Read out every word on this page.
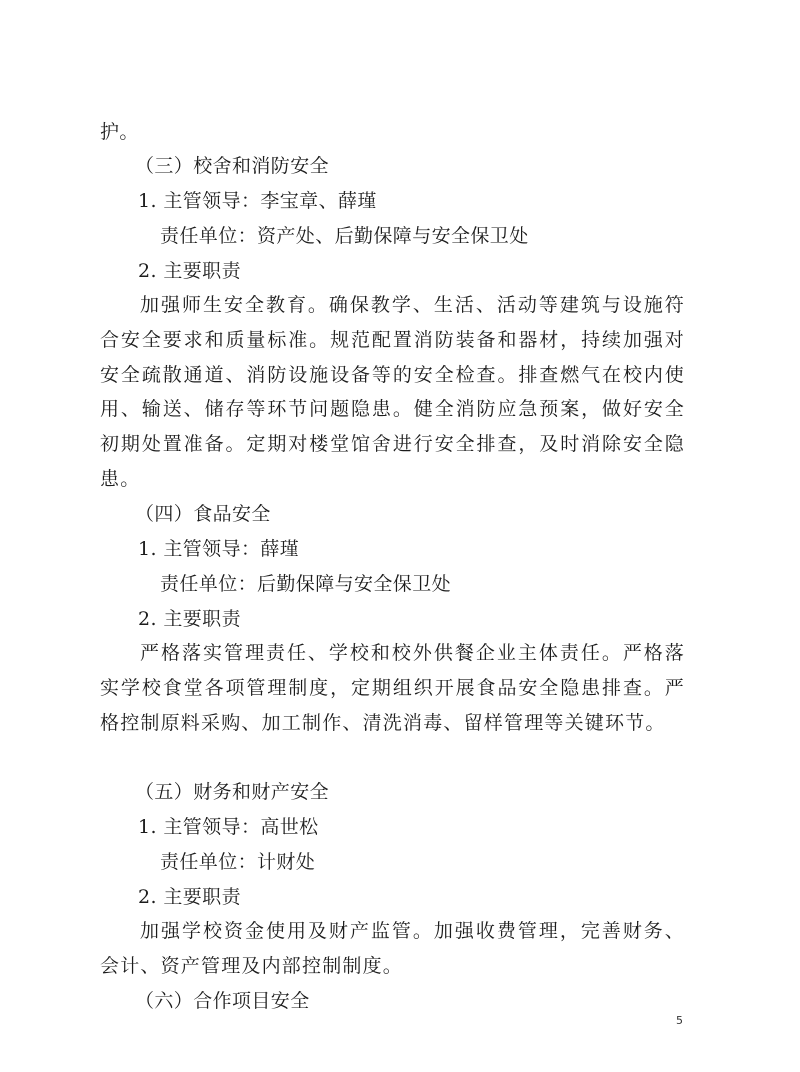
护。
（三）校舍和消防安全
1. 主管领导：李宝章、薛瑾
责任单位：资产处、后勤保障与安全保卫处
2. 主要职责
加强师生安全教育。确保教学、生活、活动等建筑与设施符合安全要求和质量标准。规范配置消防装备和器材，持续加强对安全疏散通道、消防设施设备等的安全检查。排查燃气在校内使用、输送、储存等环节问题隐患。健全消防应急预案，做好安全初期处置准备。定期对楼堂馆舍进行安全排查，及时消除安全隐患。
（四）食品安全
1. 主管领导：薛瑾
责任单位：后勤保障与安全保卫处
2. 主要职责
严格落实管理责任、学校和校外供餐企业主体责任。严格落实学校食堂各项管理制度，定期组织开展食品安全隐患排查。严格控制原料采购、加工制作、清洗消毒、留样管理等关键环节。
（五）财务和财产安全
1. 主管领导：高世松
责任单位：计财处
2. 主要职责
加强学校资金使用及财产监管。加强收费管理，完善财务、会计、资产管理及内部控制制度。
（六）合作项目安全
5
